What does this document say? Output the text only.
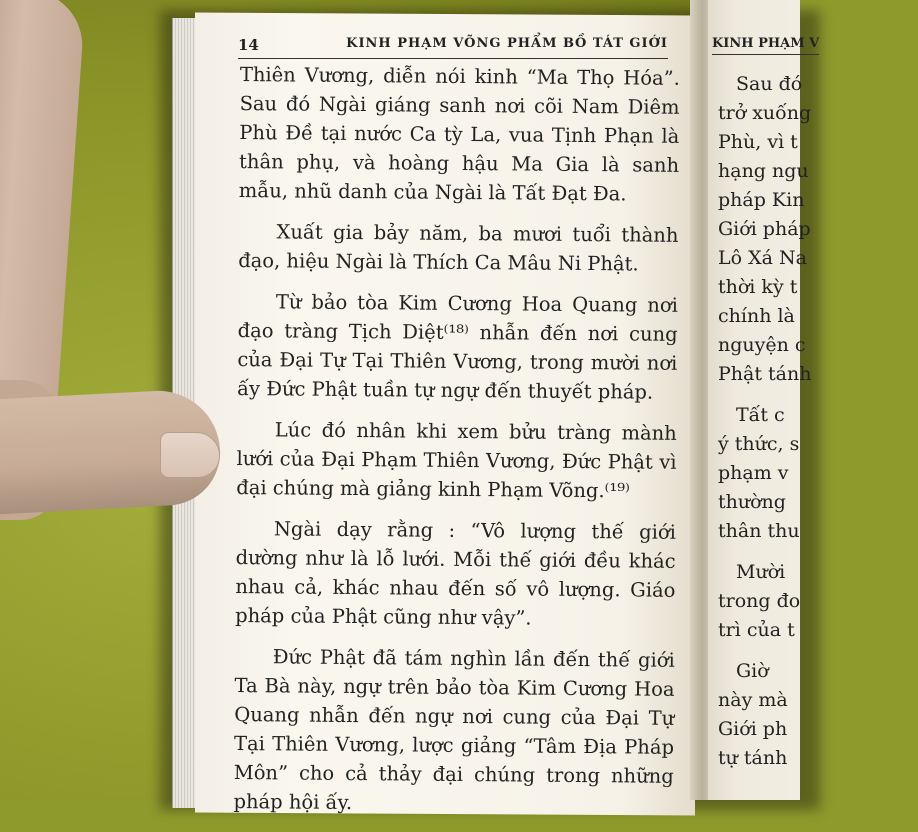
14	KINH PHẠM VÕNG PHẨM BỒ TÁT GIỚI

Thiên Vương, diễn nói kinh “Ma Thọ Hóa”. Sau đó Ngài giáng sanh nơi cõi Nam Diêm Phù Đề tại nước Ca tỳ La, vua Tịnh Phạn là thân phụ, và hoàng hậu Ma Gia là sanh mẫu, nhũ danh của Ngài là Tất Đạt Đa.

Xuất gia bảy năm, ba mươi tuổi thành đạo, hiệu Ngài là Thích Ca Mâu Ni Phật.

Từ bảo tòa Kim Cương Hoa Quang nơi đạo tràng Tịch Diệt⁽¹⁸⁾ nhẫn đến nơi cung của Đại Tự Tại Thiên Vương, trong mười nơi ấy Đức Phật tuần tự ngự đến thuyết pháp.

Lúc đó nhân khi xem bửu tràng mành lưới của Đại Phạm Thiên Vương, Đức Phật vì đại chúng mà giảng kinh Phạm Võng.⁽¹⁹⁾

Ngài dạy rằng : “Vô lượng thế giới dường như là lỗ lưới. Mỗi thế giới đều khác nhau cả, khác nhau đến số vô lượng. Giáo pháp của Phật cũng như vậy”.

Đức Phật đã tám nghìn lần đến thế giới Ta Bà này, ngự trên bảo tòa Kim Cương Hoa Quang nhẫn đến ngự nơi cung của Đại Tự Tại Thiên Vương, lược giảng “Tâm Địa Pháp Môn” cho cả thảy đại chúng trong những pháp hội ấy.

KINH PHẠM V
Sau đó
trở xuống
Phù, vì t
hạng ngu
pháp Kin
Giới pháp
Lô Xá Na
thời kỳ t
chính là
nguyện c
Phật tánh
Tất c
ý thức, s
phạm v
thường
thân thu
Mười
trong đo
trì của t
Giờ
này mà
Giới ph
tự tánh
